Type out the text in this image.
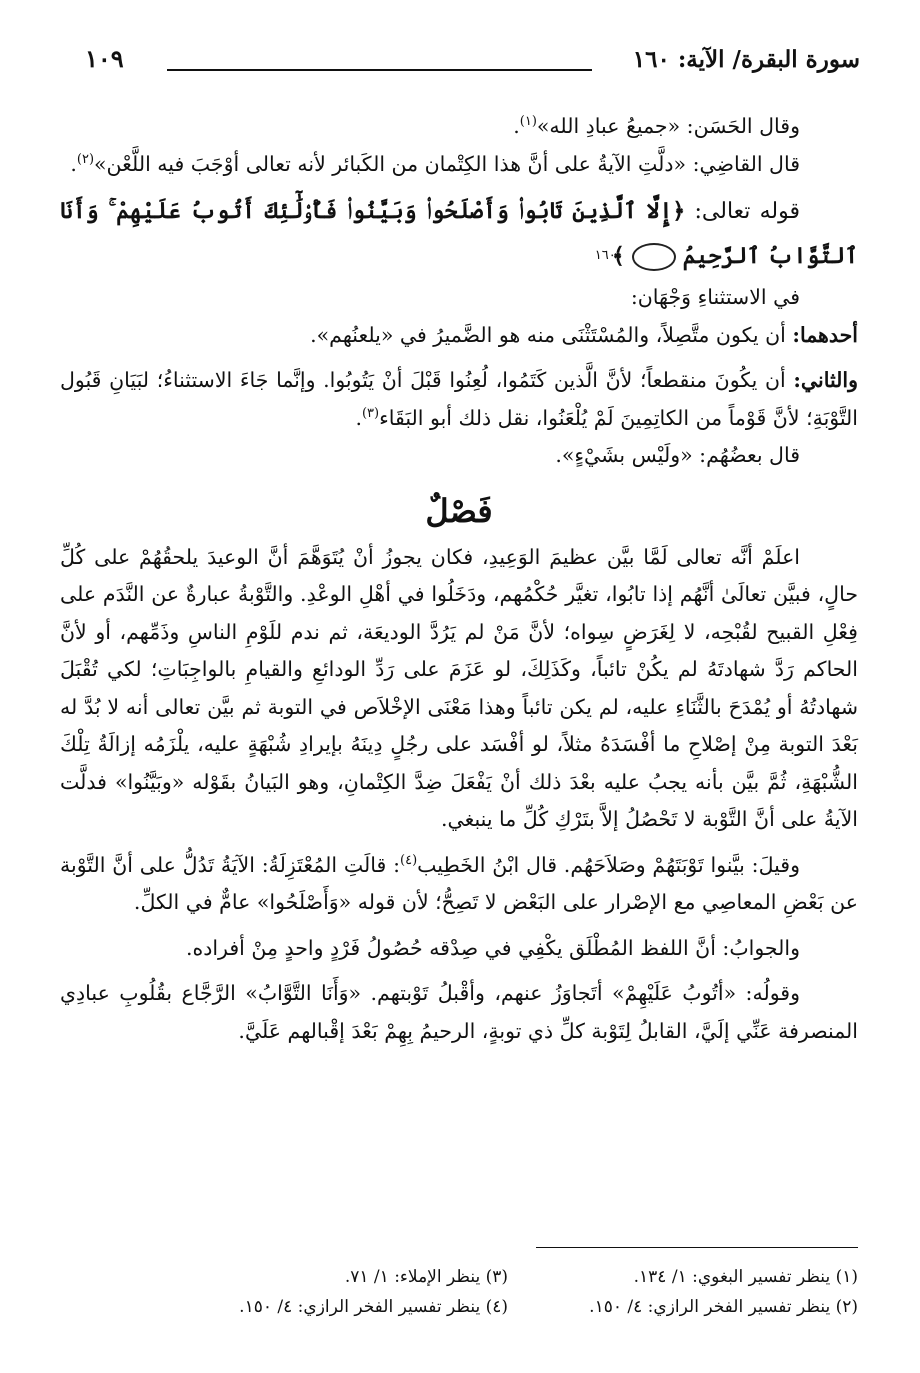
سورة البقرة/ الآية: ١٦٠
١٠٩

وقال الحَسَن: «جميعُ عبادِ الله»$^{(١)}$.

قال القاضِي: «دلَّتِ الآيةُ على أنَّ هذا الكِتْمان من الكَبائر لأنه تعالى أوْجَبَ فيه اللَّعْن»$^{(٢)}$.

قوله تعالى: ﴿إِلَّا ٱلَّذِينَ تَابُوا۟ وَأَصْلَحُوا۟ وَبَيَّنُوا۟ فَأُو۟لَٰٓئِكَ أَتُوبُ عَلَيْهِمْ ۚ وَأَنَا ٱلتَّوَّابُ ٱلرَّحِيمُ ١٦٠ ﴾

في الاستثناءِ وَجْهَان:

أحدهما: أن يكون متَّصِلاً، والمُسْتَثْنَى منه هو الضَّميرُ في «يلعنُهم».

والثاني: أن يكُونَ منقطعاً؛ لأنَّ الَّذين كَتَمُوا، لُعِنُوا قَبْلَ أنْ يَتُوبُوا. وإنَّما جَاءَ الاستثناءُ؛ لبَيَانِ قَبُول التَّوْبَةِ؛ لأنَّ قَوْماً من الكاتِمِينَ لَمْ يُلْعَنُوا، نقل ذلك أبو البَقَاء$^{(٣)}$.

قال بعضُهُم: «ولَيْس بشَيْءٍ».

فَصْلٌ

اعلَمْ أنَّه تعالى لَمَّا بيَّن عظيمَ الوَعِيدِ، فكان يجوزُ أنْ يُتَوَهَّمَ أنَّ الوعيدَ يلحقُهُمْ على كُلِّ حالٍ، فبيَّن تعالَىٰ أنَّهُم إذا تابُوا، تغيَّر حُكْمُهم، ودَخَلُوا في أهْلِ الوعْدِ. والتَّوْبةُ عبارةٌ عن النَّدَم على فِعْلِ القبيح لقُبْحِه، لا لِغَرَضٍ سِواه؛ لأنَّ مَنْ لم يَرُدَّ الوديعَة، ثم ندم للَوْمِ الناسِ وذَمِّهم، أو لأنَّ الحاكم رَدَّ شهادتَهُ لم يكُنْ تائباً، وكَذَلِكَ، لو عَزَمَ على رَدِّ الودائعِ والقيامِ بالواجِبَاتِ؛ لكي تُقْبَلَ شهادتُهُ أو يُمْدَحَ بالثَّنَاءِ عليه، لم يكن تائباً وهذا مَعْنَى الإخْلاَص في التوبة ثم بيَّن تعالى أنه لا بُدَّ له بَعْدَ التوبة مِنْ إصْلاحِ ما أفْسَدَهُ مثلاً، لو أفْسَد على رجُلٍ دِينَهُ بإيرادِ شُبْهَةٍ عليه، يلْزَمُه إزالَةُ تِلْكَ الشُّبْهَةِ، ثُمَّ بيَّن بأنه يجبُ عليه بعْدَ ذلك أنْ يَفْعَلَ ضِدَّ الكِتْمانِ، وهو البَيانُ بقَوْله «وبَيَّنُوا» فدلَّت الآيةُ على أنَّ التَّوْبة لا تَحْصُلُ إلاَّ بتَرْكِ كُلِّ ما ينبغي.

وقيلَ: بيَّنوا تَوْبَتَهُمْ وصَلاَحَهُم. قال ابْنُ الخَطِيب$^{(٤)}$: قالَتِ المُعْتَزِلَةُ: الآيَةُ تَدُلُّ على أنَّ التَّوْبة عن بَعْضِ المعاصِي مع الإصْرار على البَعْض لا تَصِحُّ؛ لأن قوله «وَأَصْلَحُوا» عامٌّ في الكلِّ.

والجوابُ: أنَّ اللفظ المُطْلَق يكْفِي في صِدْقه حُصُولُ فَرْدٍ واحدٍ مِنْ أفراده.

وقولُه: «أتُوبُ عَلَيْهِمْ» أتَجاوَزُ عنهم، وأقْبلُ تَوْبتهم. «وَأَنَا التَّوَّابُ» الرَّجَّاع بقُلُوبِ عبادِي المنصرفة عَنِّي إلَيَّ، القابلُ لِتَوْبة كلِّ ذي توبةٍ، الرحيمُ بِهِمْ بَعْدَ إقْبالهم عَلَيَّ.

(١) ينظر تفسير البغوي: ١/ ١٣٤.
(٣) ينظر الإملاء: ١/ ٧١.
(٢) ينظر تفسير الفخر الرازي: ٤/ ١٥٠.
(٤) ينظر تفسير الفخر الرازي: ٤/ ١٥٠.
